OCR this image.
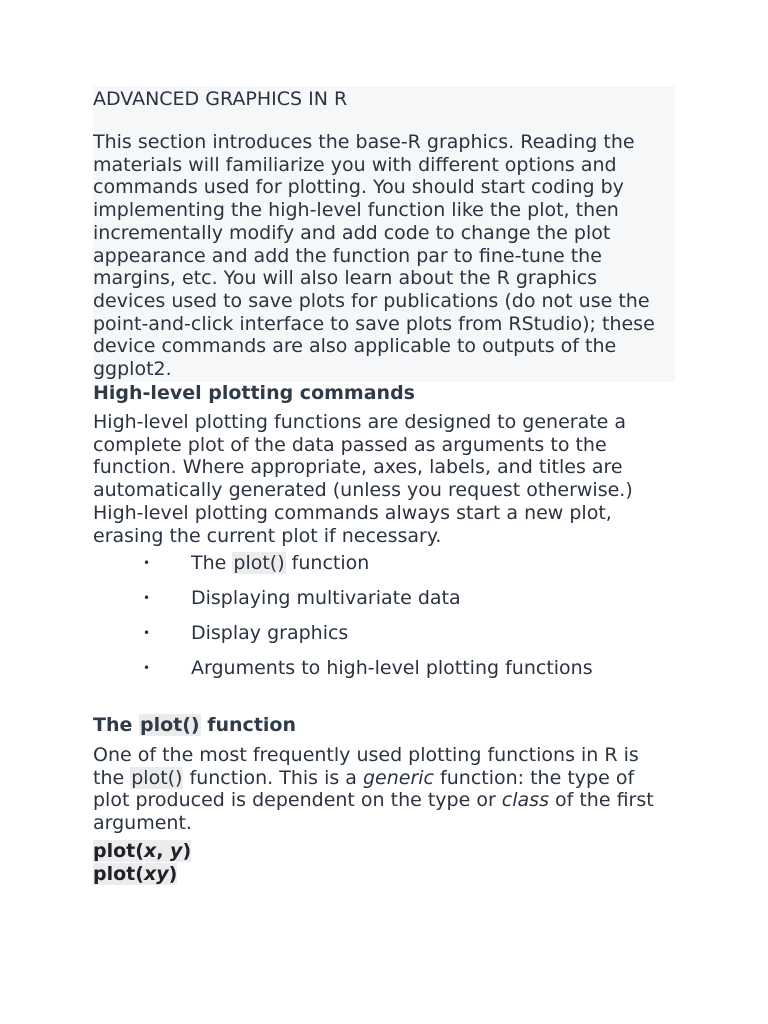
ADVANCED GRAPHICS IN R

This section introduces the base-R graphics. Reading the materials will familiarize you with different options and commands used for plotting. You should start coding by implementing the high-level function like the plot, then incrementally modify and add code to change the plot appearance and add the function par to fine-tune the margins, etc. You will also learn about the R graphics devices used to save plots for publications (do not use the point-and-click interface to save plots from RStudio); these device commands are also applicable to outputs of the ggplot2.

High-level plotting commands

High-level plotting functions are designed to generate a complete plot of the data passed as arguments to the function. Where appropriate, axes, labels, and titles are automatically generated (unless you request otherwise.) High-level plotting commands always start a new plot, erasing the current plot if necessary.

• The plot() function
• Displaying multivariate data
• Display graphics
• Arguments to high-level plotting functions
The plot() function

One of the most frequently used plotting functions in R is the plot() function. This is a generic function: the type of plot produced is dependent on the type or class of the first argument.

plot(x, y)
plot(xy)
